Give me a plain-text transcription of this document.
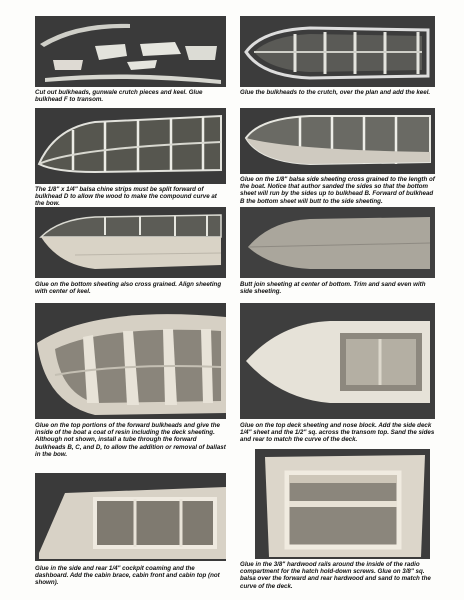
Cut out bulkheads, gunwale crutch pieces and keel. Glue bulkhead F to transom.

Glue the bulkheads to the crutch, over the plan and add the keel.

The 1/8" x 1/4" balsa chine strips must be split forward of bulkhead D to allow the wood to make the compound curve at the bow.

Glue on the 1/8" balsa side sheeting cross grained to the length of the boat. Notice that author sanded the sides so that the bottom sheet will run by the sides up to bulkhead B. Forward of bulkhead B the bottom sheet will butt to the side sheeting.

Glue on the bottom sheeting also cross grained. Align sheeting with center of keel.

Butt join sheeting at center of bottom. Trim and sand even with side sheeting.

Glue on the top portions of the forward bulkheads and give the inside of the boat a coat of resin including the deck sheeting. Although not shown, install a tube through the forward bulkheads B, C, and D, to allow the addition or removal of ballast in the bow.

Glue on the top deck sheeting and nose block. Add the side deck 1/4" sheet and the 1/2" sq. across the transom top. Sand the sides and rear to match the curve of the deck.

Glue in the side and rear 1/4" cockpit coaming and the dashboard. Add the cabin brace, cabin front and cabin top (not shown).

Glue in the 3/8" hardwood rails around the inside of the radio compartment for the hatch hold-down screws. Glue on 3/8" sq. balsa over the forward and rear hardwood and sand to match the curve of the deck.
